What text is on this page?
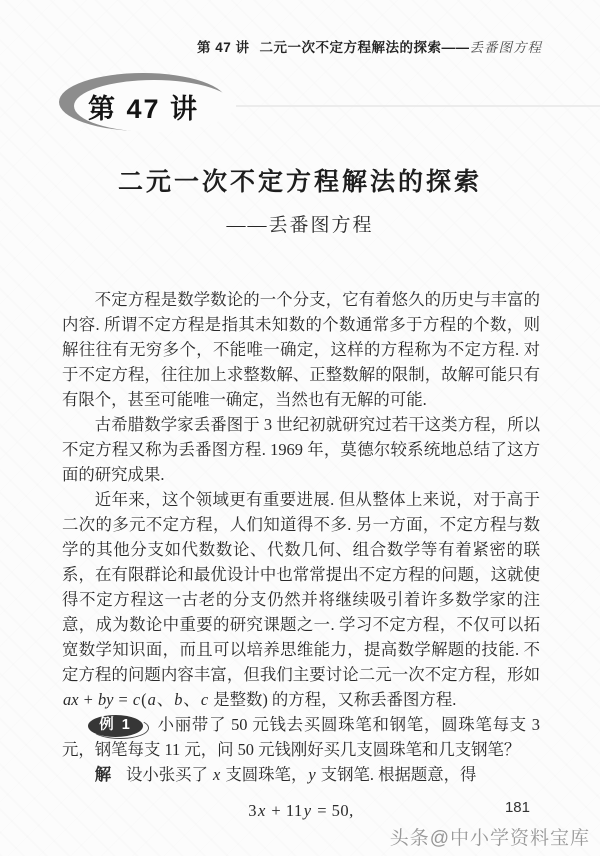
第 47 讲 二元一次不定方程解法的探索——丢番图方程
第 47 讲
二元一次不定方程解法的探索
——丢番图方程

不定方程是数学数论的一个分支，它有着悠久的历史与丰富的内容. 所谓不定方程是指其未知数的个数通常多于方程的个数，则解往往有无穷多个，不能唯一确定，这样的方程称为不定方程. 对于不定方程，往往加上求整数解、正整数解的限制，故解可能只有有限个，甚至可能唯一确定，当然也有无解的可能.

古希腊数学家丢番图于 3 世纪初就研究过若干这类方程，所以不定方程又称为丢番图方程. 1969 年，莫德尔较系统地总结了这方面的研究成果.

近年来，这个领域更有重要进展. 但从整体上来说，对于高于二次的多元不定方程，人们知道得不多. 另一方面，不定方程与数学的其他分支如代数数论、代数几何、组合数学等有着紧密的联系，在有限群论和最优设计中也常常提出不定方程的问题，这就使得不定方程这一古老的分支仍然并将继续吸引着许多数学家的注意，成为数论中重要的研究课题之一. 学习不定方程，不仅可以拓宽数学知识面，而且可以培养思维能力，提高数学解题的技能. 不定方程的问题内容丰富，但我们主要讨论二元一次不定方程，形如 ax + by = c(a、b、c 是整数) 的方程，又称丢番图方程.

例 1 小丽带了 50 元钱去买圆珠笔和钢笔，圆珠笔每支 3 元，钢笔每支 11 元，问 50 元钱刚好买几支圆珠笔和几支钢笔？

解 设小张买了 x 支圆珠笔，y 支钢笔. 根据题意，得

3x + 11y = 50,	181
头条@中小学资料宝库
